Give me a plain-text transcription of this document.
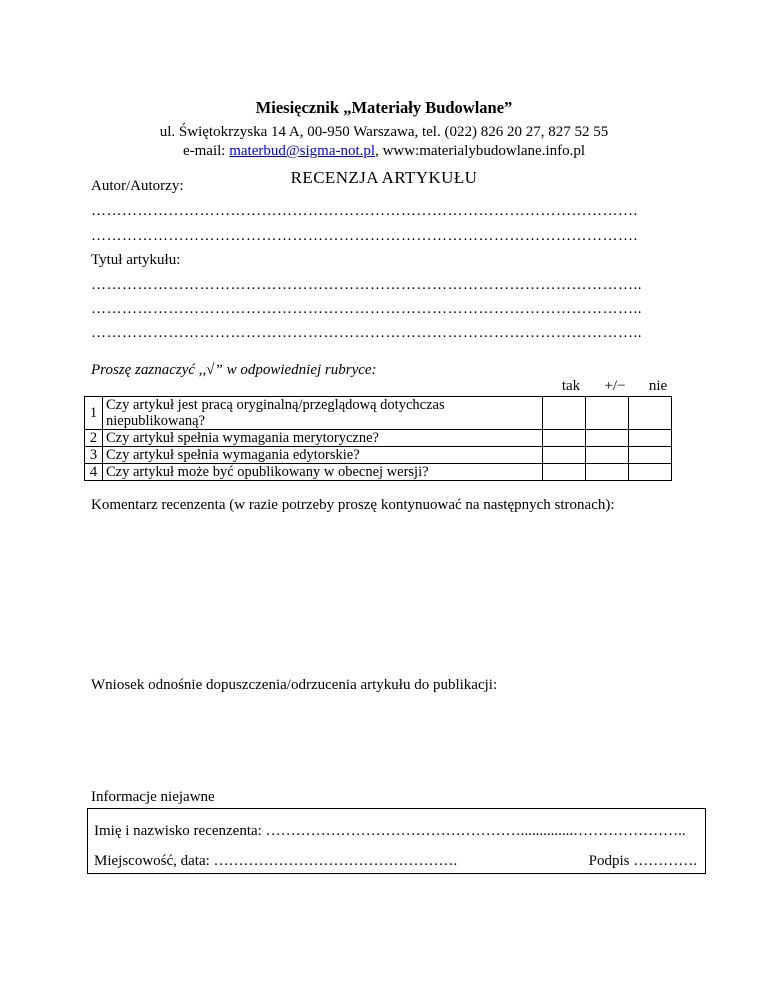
Miesięcznik „Materiały Budowlane”
ul. Świętokrzyska 14 A, 00-950 Warszawa, tel. (022) 826 20 27, 827 52 55
e-mail: materbud@sigma-not.pl, www:materialybudowlane.info.pl
RECENZJA ARTYKUŁU
Autor/Autorzy:
…………………………………………………………………………………………….
…………………………………………………………………………………………….
Tytuł artykułu:
……………………………………………………………………………………………..
……………………………………………………………………………………………..
……………………………………………………………………………………………..
Proszę zaznaczyć ,,√” w odpowiedniej rubryce:
tak	+/−	nie
1	Czy artykuł jest pracą oryginalną/przeglądową dotychczas niepublikowaną?			
2	Czy artykuł spełnia wymagania merytoryczne?			
3	Czy artykuł spełnia wymagania edytorskie?			
4	Czy artykuł może być opublikowany w obecnej wersji?			
Komentarz recenzenta (w razie potrzeby proszę kontynuować na następnych stronach):
Wniosek odnośnie dopuszczenia/odrzucenia artykułu do publikacji:
Informacje niejawne
Imię i nazwisko recenzenta: ……………………………………………..............…………………..
Miejscowość, data: ………………………………………….	Podpis ………….
